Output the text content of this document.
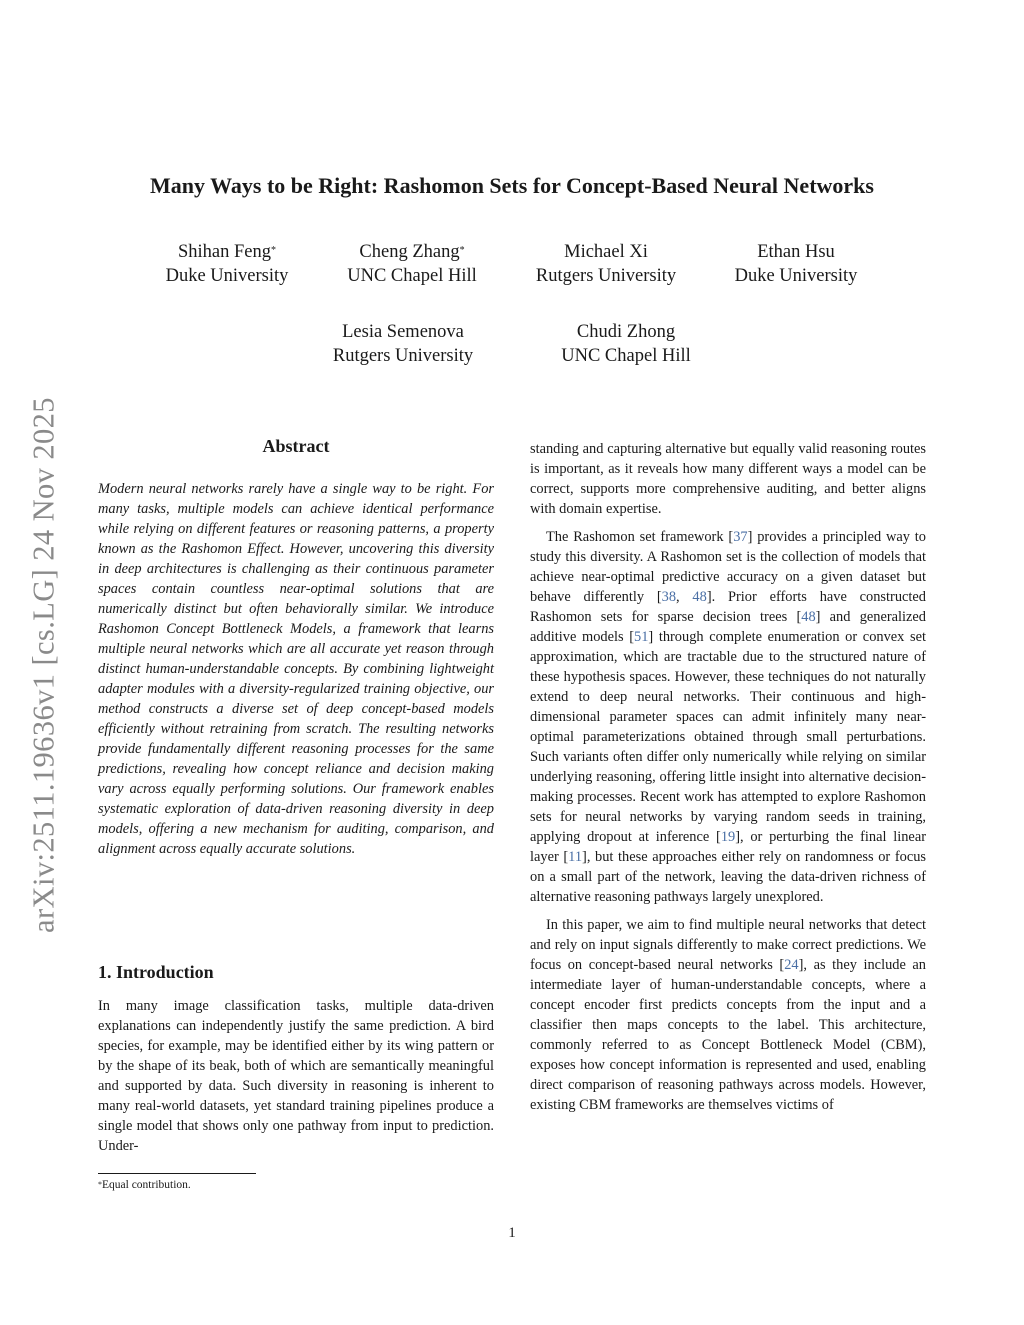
arXiv:2511.19636v1 [cs.LG] 24 Nov 2025
Many Ways to be Right: Rashomon Sets for Concept-Based Neural Networks
Shihan Feng*
Duke University
Cheng Zhang*
UNC Chapel Hill
Michael Xi
Rutgers University
Ethan Hsu
Duke University
Lesia Semenova
Rutgers University
Chudi Zhong
UNC Chapel Hill
Abstract

Modern neural networks rarely have a single way to be right. For many tasks, multiple models can achieve identical performance while relying on different features or reasoning patterns, a property known as the Rashomon Effect. However, uncovering this diversity in deep architectures is challenging as their continuous parameter spaces contain countless near-optimal solutions that are numerically distinct but often behaviorally similar. We introduce Rashomon Concept Bottleneck Models, a framework that learns multiple neural networks which are all accurate yet reason through distinct human-understandable concepts. By combining lightweight adapter modules with a diversity-regularized training objective, our method constructs a diverse set of deep concept-based models efficiently without retraining from scratch. The resulting networks provide fundamentally different reasoning processes for the same predictions, revealing how concept reliance and decision making vary across equally performing solutions. Our framework enables systematic exploration of data-driven reasoning diversity in deep models, offering a new mechanism for auditing, comparison, and alignment across equally accurate solutions.

1. Introduction

In many image classification tasks, multiple data-driven explanations can independently justify the same prediction. A bird species, for example, may be identified either by its wing pattern or by the shape of its beak, both of which are semantically meaningful and supported by data. Such diversity in reasoning is inherent to many real-world datasets, yet standard training pipelines produce a single model that shows only one pathway from input to prediction. Under-

*Equal contribution.

standing and capturing alternative but equally valid reasoning routes is important, as it reveals how many different ways a model can be correct, supports more comprehensive auditing, and better aligns with domain expertise.

The Rashomon set framework [37] provides a principled way to study this diversity. A Rashomon set is the collection of models that achieve near-optimal predictive accuracy on a given dataset but behave differently [38, 48]. Prior efforts have constructed Rashomon sets for sparse decision trees [48] and generalized additive models [51] through complete enumeration or convex set approximation, which are tractable due to the structured nature of these hypothesis spaces. However, these techniques do not naturally extend to deep neural networks. Their continuous and high-dimensional parameter spaces can admit infinitely many near-optimal parameterizations obtained through small perturbations. Such variants often differ only numerically while relying on similar underlying reasoning, offering little insight into alternative decision-making processes. Recent work has attempted to explore Rashomon sets for neural networks by varying random seeds in training, applying dropout at inference [19], or perturbing the final linear layer [11], but these approaches either rely on randomness or focus on a small part of the network, leaving the data-driven richness of alternative reasoning pathways largely unexplored.

In this paper, we aim to find multiple neural networks that detect and rely on input signals differently to make correct predictions. We focus on concept-based neural networks [24], as they include an intermediate layer of human-understandable concepts, where a concept encoder first predicts concepts from the input and a classifier then maps concepts to the label. This architecture, commonly referred to as Concept Bottleneck Model (CBM), exposes how concept information is represented and used, enabling direct comparison of reasoning pathways across models. However, existing CBM frameworks are themselves victims of

1
